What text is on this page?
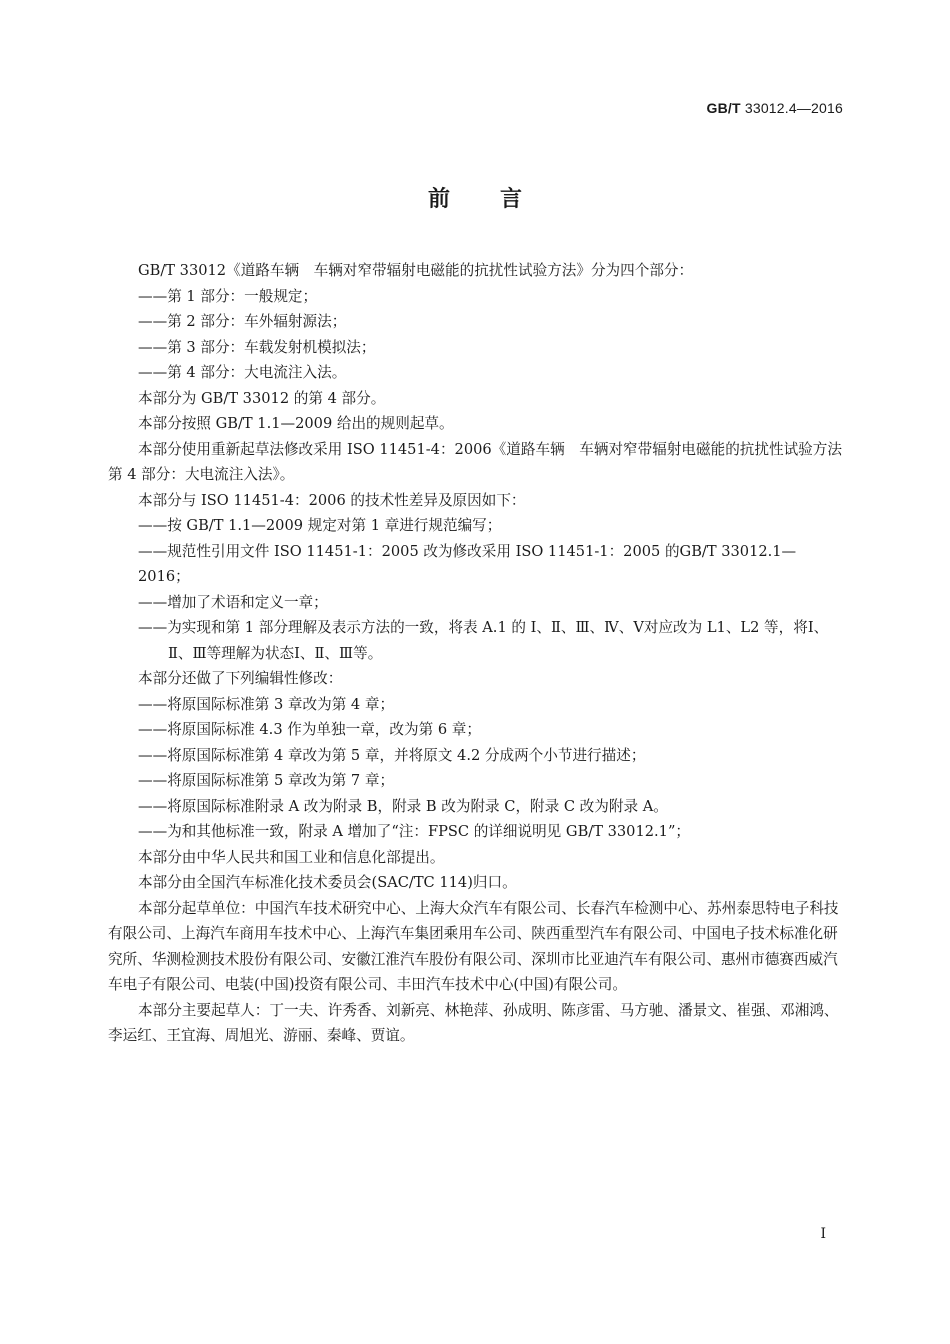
GB/T 33012.4—2016
前言

GB/T 33012《道路车辆　车辆对窄带辐射电磁能的抗扰性试验方法》分为四个部分：

——第 1 部分：一般规定；

——第 2 部分：车外辐射源法；

——第 3 部分：车载发射机模拟法；

——第 4 部分：大电流注入法。

本部分为 GB/T 33012 的第 4 部分。

本部分按照 GB/T 1.1—2009 给出的规则起草。

本部分使用重新起草法修改采用 ISO 11451-4：2006《道路车辆　车辆对窄带辐射电磁能的抗扰性试验方法 第 4 部分：大电流注入法》。

本部分与 ISO 11451-4：2006 的技术性差异及原因如下：

——按 GB/T 1.1—2009 规定对第 1 章进行规范编写；

——规范性引用文件 ISO 11451-1：2005 改为修改采用 ISO 11451-1：2005 的GB/T 33012.1—2016；

——增加了术语和定义一章；

——为实现和第 1 部分理解及表示方法的一致，将表 A.1 的 Ⅰ、Ⅱ、Ⅲ、Ⅳ、Ⅴ对应改为 L1、L2 等，将Ⅰ、Ⅱ、Ⅲ等理解为状态Ⅰ、Ⅱ、Ⅲ等。

本部分还做了下列编辑性修改：

——将原国际标准第 3 章改为第 4 章；

——将原国际标准 4.3 作为单独一章，改为第 6 章；

——将原国际标准第 4 章改为第 5 章，并将原文 4.2 分成两个小节进行描述；

——将原国际标准第 5 章改为第 7 章；

——将原国际标准附录 A 改为附录 B，附录 B 改为附录 C，附录 C 改为附录 A。

——为和其他标准一致，附录 A 增加了“注：FPSC 的详细说明见 GB/T 33012.1”；

本部分由中华人民共和国工业和信息化部提出。

本部分由全国汽车标准化技术委员会(SAC/TC 114)归口。

本部分起草单位：中国汽车技术研究中心、上海大众汽车有限公司、长春汽车检测中心、苏州泰思特电子科技有限公司、上海汽车商用车技术中心、上海汽车集团乘用车公司、陕西重型汽车有限公司、中国电子技术标准化研究所、华测检测技术股份有限公司、安徽江淮汽车股份有限公司、深圳市比亚迪汽车有限公司、惠州市德赛西威汽车电子有限公司、电装(中国)投资有限公司、丰田汽车技术中心(中国)有限公司。

本部分主要起草人：丁一夫、许秀香、刘新亮、林艳萍、孙成明、陈彦雷、马方驰、潘景文、崔强、邓湘鸿、李运红、王宜海、周旭光、游丽、秦峰、贾谊。

I
